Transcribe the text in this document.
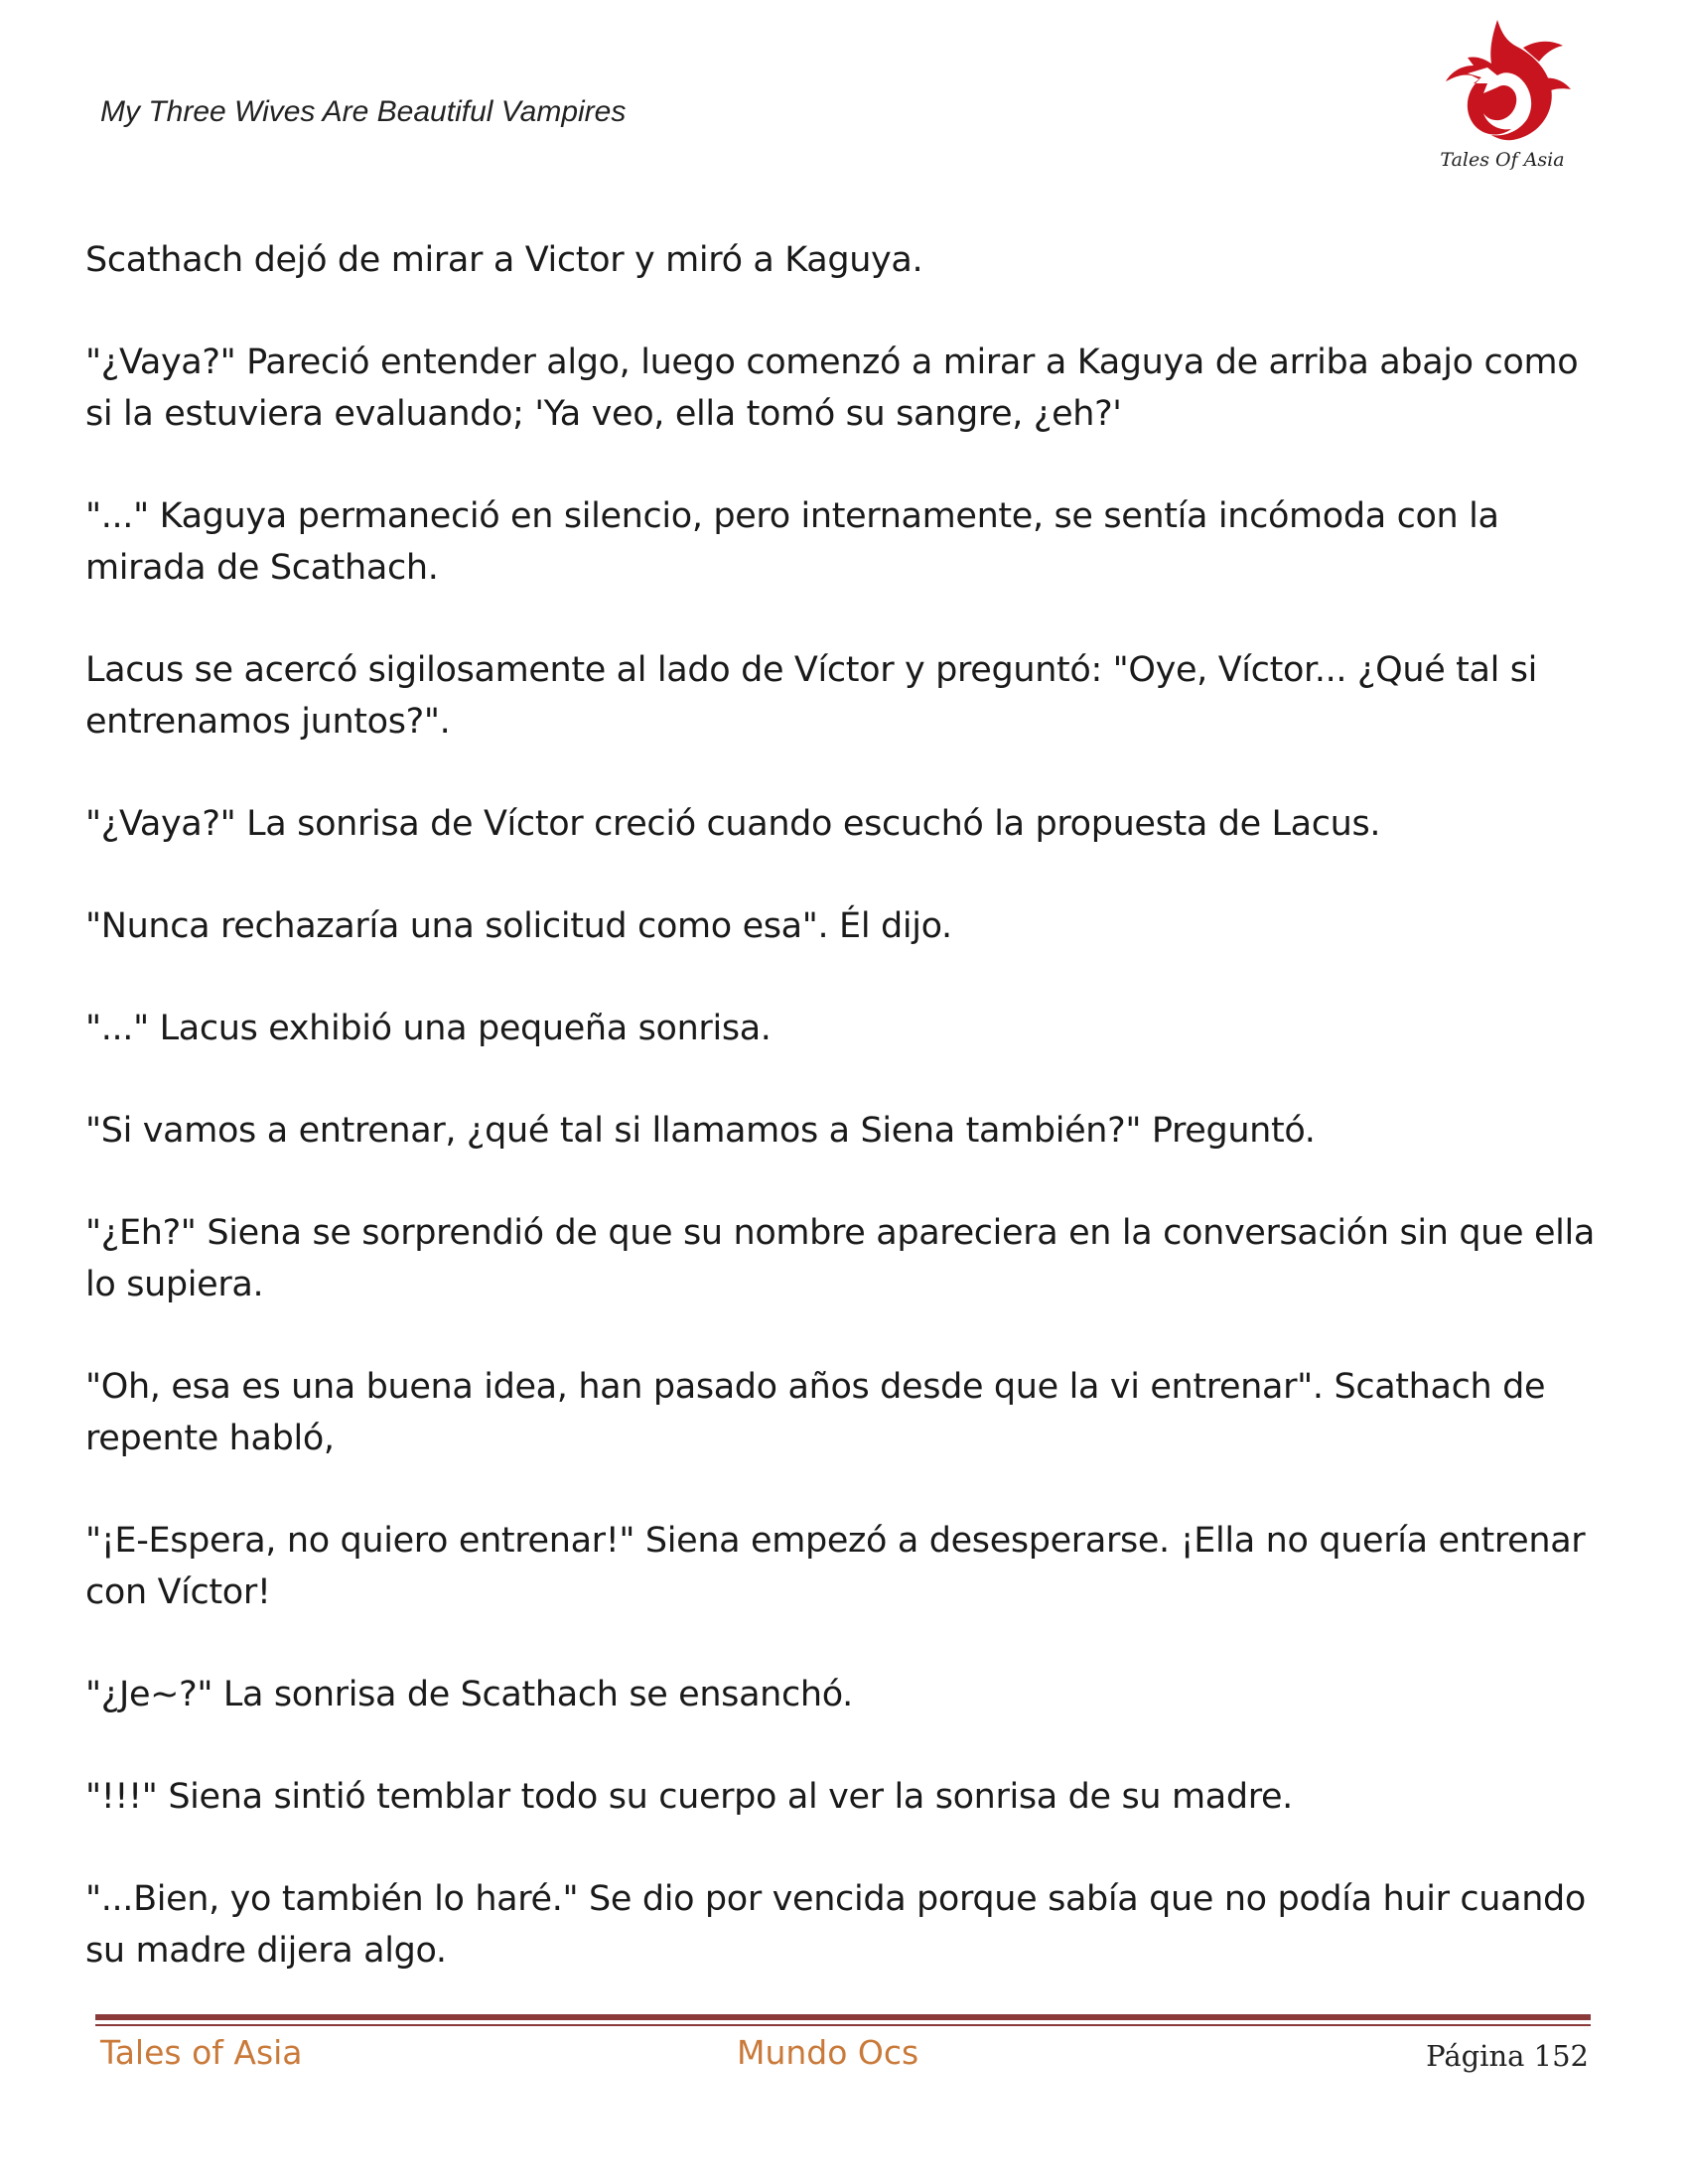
My Three Wives Are Beautiful Vampires
Tales Of Asia

Scathach dejó de mirar a Victor y miró a Kaguya.

"¿Vaya?" Pareció entender algo, luego comenzó a mirar a Kaguya de arriba abajo como si la estuviera evaluando; 'Ya veo, ella tomó su sangre, ¿eh?'

"..." Kaguya permaneció en silencio, pero internamente, se sentía incómoda con la mirada de Scathach.

Lacus se acercó sigilosamente al lado de Víctor y preguntó: "Oye, Víctor... ¿Qué tal si entrenamos juntos?".

"¿Vaya?" La sonrisa de Víctor creció cuando escuchó la propuesta de Lacus.

"Nunca rechazaría una solicitud como esa". Él dijo.

"..." Lacus exhibió una pequeña sonrisa.

"Si vamos a entrenar, ¿qué tal si llamamos a Siena también?" Preguntó.

"¿Eh?" Siena se sorprendió de que su nombre apareciera en la conversación sin que ella lo supiera.

"Oh, esa es una buena idea, han pasado años desde que la vi entrenar". Scathach de repente habló,

"¡E-Espera, no quiero entrenar!" Siena empezó a desesperarse. ¡Ella no quería entrenar con Víctor!

"¿Je~?" La sonrisa de Scathach se ensanchó.

"!!!" Siena sintió temblar todo su cuerpo al ver la sonrisa de su madre.

"...Bien, yo también lo haré." Se dio por vencida porque sabía que no podía huir cuando su madre dijera algo.

Tales of Asia	Mundo Ocs	Página 152
